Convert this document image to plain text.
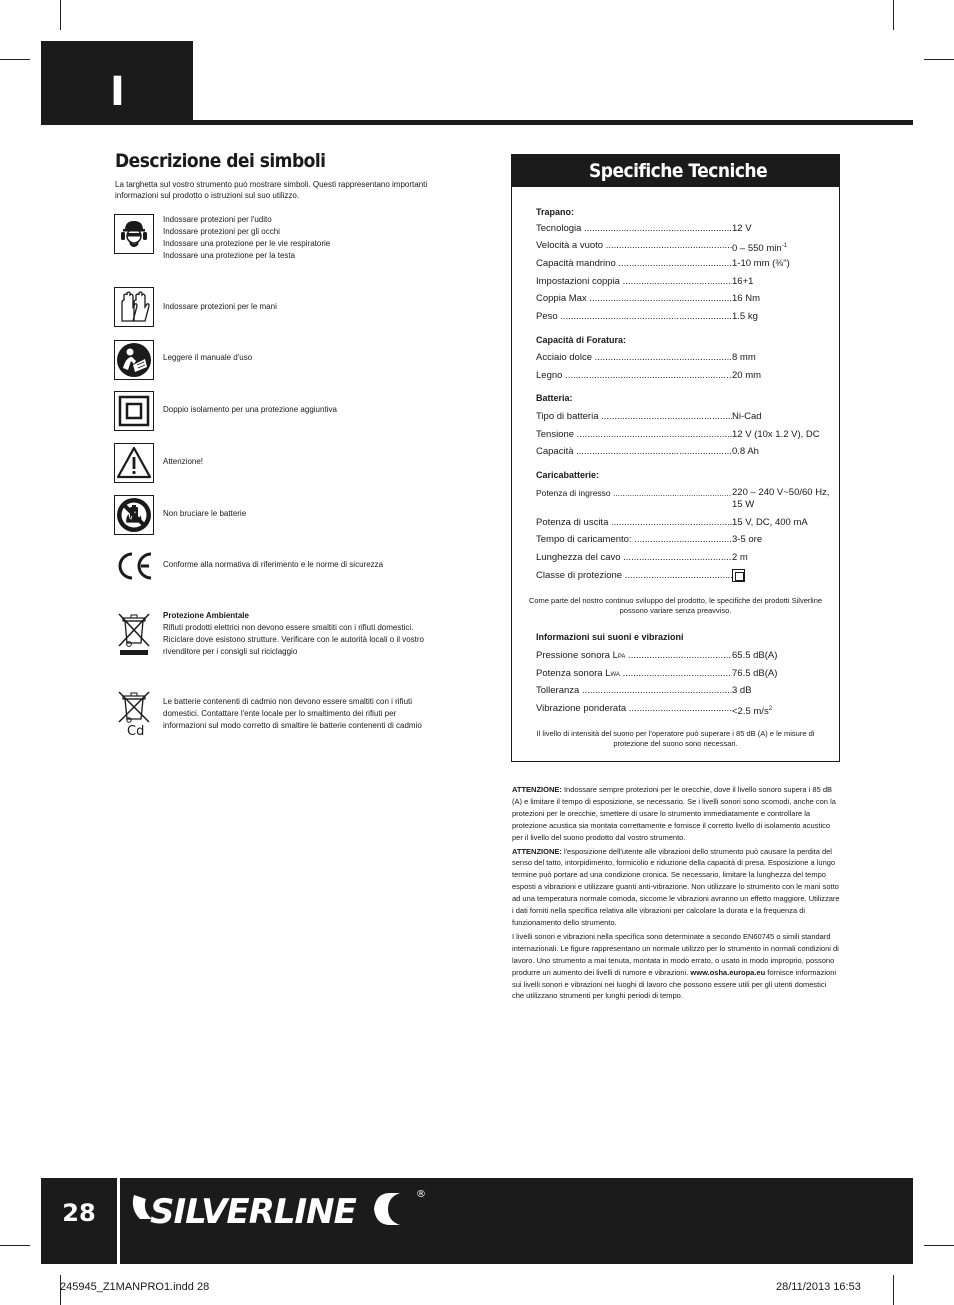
I
Descrizione dei simboli
La targhetta sul vostro strumento può mostrare simboli. Questi rappresentano importanti informazioni sul prodotto o istruzioni sul suo utilizzo.
Indossare protezioni per l'udito
Indossare protezioni per gli occhi
Indossare una protezione per le vie respiratorie
Indossare una protezione per la testa
Indossare protezioni per le mani
Leggere il manuale d'uso
Doppio isolamento per una protezione aggiuntiva
Attenzione!
Non bruciare le batterie
Conforme alla normativa di riferimento e le norme di sicurezza
Protezione Ambientale
Rifiuti prodotti elettrici non devono essere smaltiti con i rifiuti domestici.
Riciclare dove esistono strutture. Verificare con le autorità locali o il vostro
rivenditore per i consigli sul riciclaggio
Cd
Le batterie contenenti di cadmio non devono essere smaltiti con i rifiuti
domestici. Contattare l'ente locale per lo smaltimento dei rifiuti per
informazioni sul modo corretto di smaltire le batterie contenenti di cadmio
Specifiche Tecniche
Trapano:
Tecnologia .....	12 V
Velocità a vuoto .....	0 – 550 $\min^{-1}$
Capacità mandrino .....	1-10 mm (⅜")
Impostazioni coppia .....	16+1
Coppia Max .....	16 Nm
Peso .....	1.5 kg
Capacità di Foratura:
Acciaio dolce .....	8 mm
Legno .....	20 mm
Batteria:
Tipo di batteria .....	Ni-Cad
Tensione .....	12 V (10x 1.2 V), DC
Capacità .....	0.8 Ah
Caricabatterie:
Potenza di ingresso .....	220 – 240 V~50/60 Hz, 15 W
Potenza di uscita .....	15 V, DC, 400 mA
Tempo di caricamento: .....	3-5 ore
Lunghezza del cavo .....	2 m
Classe di protezione .....
Come parte del nostro continuo sviluppo del prodotto, le specifiche dei prodotti Silverline possono variare senza preavviso.
Informazioni sui suoni e vibrazioni
Pressione sonora LPA .....	65.5 dB(A)
Potenza sonora LWA .....	76.5 dB(A)
Tolleranza .....	3 dB
Vibrazione ponderata .....	<2.5 $m/s^2$
Il livello di intensità del suono per l'operatore può superare i 85 dB (A) e le misure di protezione del suono sono necessari.

ATTENZIONE: Indossare sempre protezioni per le orecchie, dove il livello sonoro supera i 85 dB (A) e limitare il tempo di esposizione, se necessario. Se i livelli sonori sono scomodi, anche con la protezioni per le orecchie, smettere di usare lo strumento immediatamente e controllare la protezione acustica sia montata correttamente e fornisce il corretto livello di isolamento acustico per il livello del suono prodotto dal vostro strumento.

ATTENZIONE: l'esposizione dell'utente alle vibrazioni dello strumento può causare la perdita del senso del tatto, intorpidimento, formicolio e riduzione della capacità di presa. Esposizione a lungo termine può portare ad una condizione cronica. Se necessario, limitare la lunghezza del tempo esposti a vibrazioni e utilizzare guanti anti-vibrazione. Non utilizzare lo strumento con le mani sotto ad una temperatura normale comoda, siccome le vibrazioni avranno un effetto maggiore. Utilizzare i dati forniti nella specifica relativa alle vibrazioni per calcolare la durata e la frequenza di funzionamento dello strumento.

I livelli sonori e vibrazioni nella specifica sono determinate a secondo EN60745 o simili standard internazionali. Le figure rappresentano un normale utilizzo per lo strumento in normali condizioni di lavoro. Uno strumento a mai tenuta, montata in modo errato, o usato in modo improprio, possono produrre un aumento dei livelli di rumore e vibrazioni. www.osha.europa.eu fornisce informazioni sui livelli sonori e vibrazioni nei luoghi di lavoro che possono essere utili per gli utenti domestici che utilizzano strumenti per lunghi periodi di tempo.

28	SILVERLINE	®
245945_Z1MANPRO1.indd 28	28/11/2013 16:53
